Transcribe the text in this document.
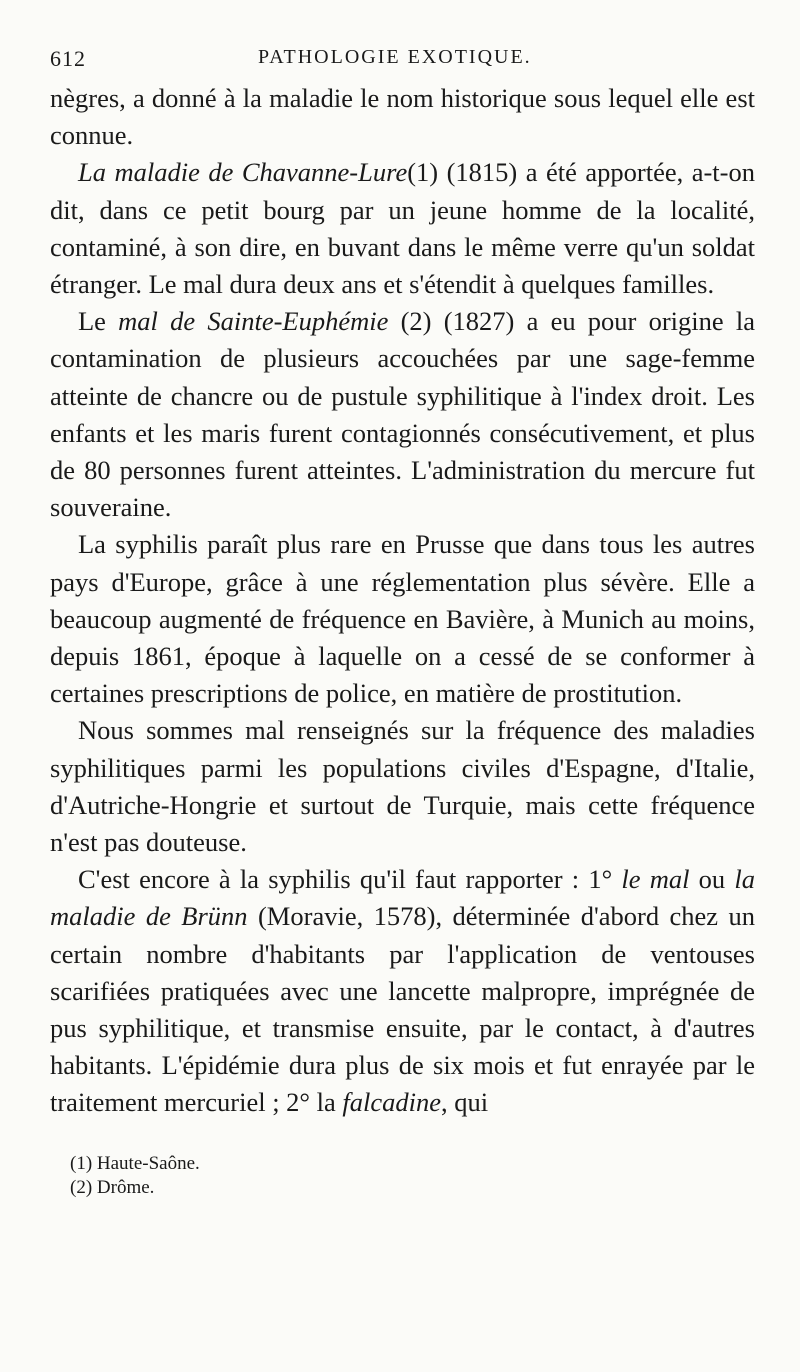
612	PATHOLOGIE EXOTIQUE.

nègres, a donné à la maladie le nom historique sous lequel elle est connue.

La maladie de Chavanne-Lure(1) (1815) a été apportée, a-t-on dit, dans ce petit bourg par un jeune homme de la localité, contaminé, à son dire, en buvant dans le même verre qu'un soldat étranger. Le mal dura deux ans et s'étendit à quelques familles.

Le mal de Sainte-Euphémie (2) (1827) a eu pour origine la contamination de plusieurs accouchées par une sage-femme atteinte de chancre ou de pustule syphilitique à l'index droit. Les enfants et les maris furent contagionnés consécutivement, et plus de 80 personnes furent atteintes. L'administration du mercure fut souveraine.

La syphilis paraît plus rare en Prusse que dans tous les autres pays d'Europe, grâce à une réglementation plus sévère. Elle a beaucoup augmenté de fréquence en Bavière, à Munich au moins, depuis 1861, époque à laquelle on a cessé de se conformer à certaines prescriptions de police, en matière de prostitution.

Nous sommes mal renseignés sur la fréquence des maladies syphilitiques parmi les populations civiles d'Espagne, d'Italie, d'Autriche-Hongrie et surtout de Turquie, mais cette fréquence n'est pas douteuse.

C'est encore à la syphilis qu'il faut rapporter : 1° le mal ou la maladie de Brünn (Moravie, 1578), déterminée d'abord chez un certain nombre d'habitants par l'application de ventouses scarifiées pratiquées avec une lancette malpropre, imprégnée de pus syphilitique, et transmise ensuite, par le contact, à d'autres habitants. L'épidémie dura plus de six mois et fut enrayée par le traitement mercuriel ; 2° la falcadine, qui

(1) Haute-Saône.
(2) Drôme.
